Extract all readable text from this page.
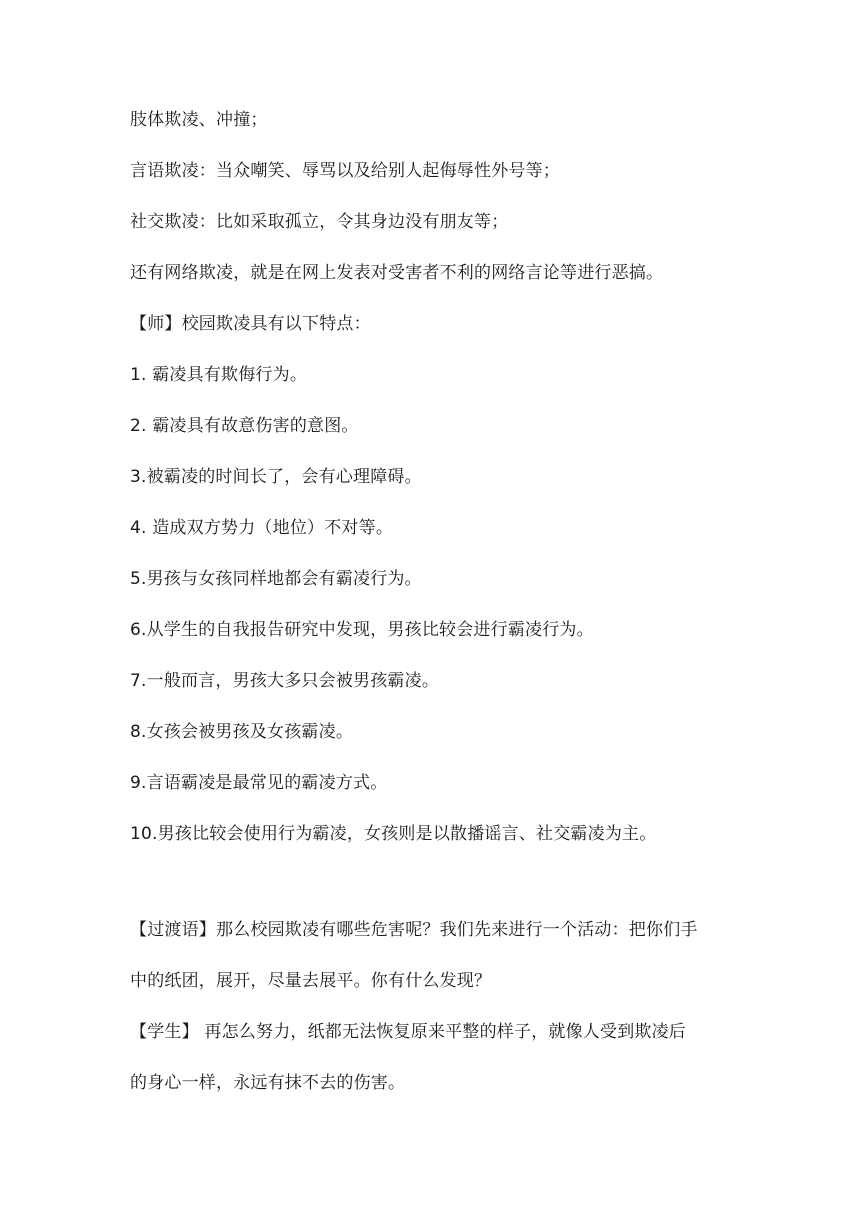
肢体欺凌、冲撞；
言语欺凌：当众嘲笑、辱骂以及给别人起侮辱性外号等；
社交欺凌：比如采取孤立，令其身边没有朋友等；
还有网络欺凌，就是在网上发表对受害者不利的网络言论等进行恶搞。
【师】校园欺凌具有以下特点：
1. 霸凌具有欺侮行为。
2. 霸凌具有故意伤害的意图。
3.被霸凌的时间长了，会有心理障碍。
4. 造成双方势力（地位）不对等。
5.男孩与女孩同样地都会有霸凌行为。
6.从学生的自我报告研究中发现，男孩比较会进行霸凌行为。
7.一般而言，男孩大多只会被男孩霸凌。
8.女孩会被男孩及女孩霸凌。
9.言语霸凌是最常见的霸凌方式。
10.男孩比较会使用行为霸凌，女孩则是以散播谣言、社交霸凌为主。
【过渡语】那么校园欺凌有哪些危害呢？我们先来进行一个活动：把你们手
中的纸团，展开，尽量去展平。你有什么发现？
【学生】 再怎么努力，纸都无法恢复原来平整的样子，就像人受到欺凌后
的身心一样，永远有抹不去的伤害。
